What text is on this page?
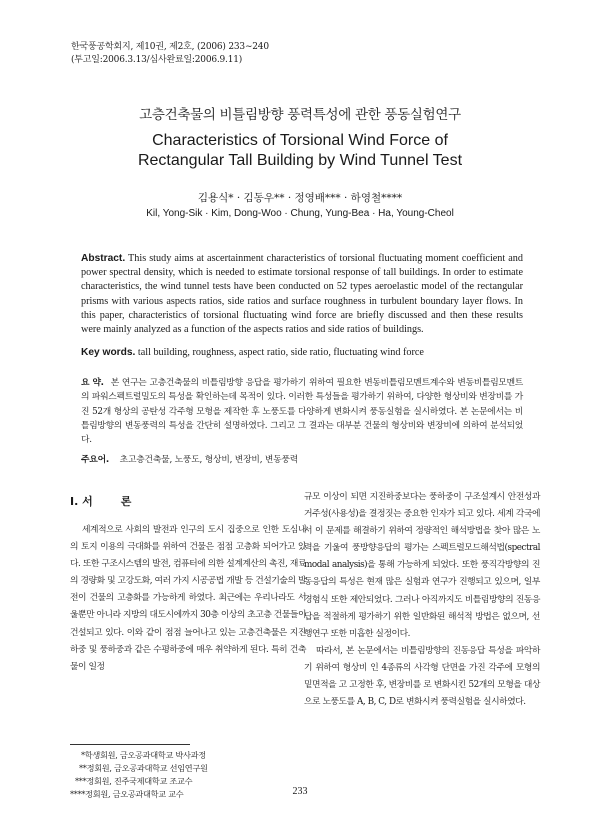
한국풍공학회지, 제10권, 제2호, (2006) 233∼240
(투고일:2006.3.13/심사완료일:2006.9.11)
고층건축물의 비틀림방향 풍력특성에 관한 풍동실험연구
Characteristics of Torsional Wind Force of
Rectangular Tall Building by Wind Tunnel Test
김용식* · 김동우** · 정영배*** · 하영철****
Kil, Yong-Sik · Kim, Dong-Woo · Chung, Yung-Bea · Ha, Young-Cheol
Abstract. This study aims at ascertainment characteristics of torsional fluctuating moment coefficient and power spectral density, which is needed to estimate torsional response of tall buildings. In order to estimate characteristics, the wind tunnel tests have been conducted on 52 types aeroelastic model of the rectangular prisms with various aspects ratios, side ratios and surface roughness in turbulent boundary layer flows. In this paper, characteristics of torsional fluctuating wind force are briefly discussed and then these results were mainly analyzed as a function of the aspects ratios and side ratios of buildings.
Key words. tall building, roughness, aspect ratio, side ratio, fluctuating wind force
요 약. 본 연구는 고층건축물의 비틀림방향 응답을 평가하기 위하여 필요한 변동비틀림모멘트계수와 변동비틀림모멘트의 파워스펙트럴밀도의 특성을 확인하는데 목적이 있다. 이러한 특성들을 평가하기 위하여, 다양한 형상비와 변장비를 가진 52개 형상의 공탄성 각주형 모형을 제작한 후 노풍도를 다양하게 변화시켜 풍동실험을 실시하였다. 본 논문에서는 비틀림방향의 변동풍력의 특성을 간단히 설명하였다. 그리고 그 결과는 대부분 건물의 형상비와 변장비에 의하여 분석되었다.
주요어. 초고층건축물, 노풍도, 형상비, 변장비, 변동풍력
I. 서	론

세계적으로 사회의 발전과 인구의 도시 집중으로 인한 도심내의 토지 이용의 극대화를 위하여 건물은 점점 고층화 되어가고 있다. 또한 구조시스템의 발전, 컴퓨터에 의한 설계계산의 촉진, 재료의 경량화 및 고강도화, 여러 가지 시공공법 개발 등 건설기술의 발전이 건물의 고층화를 가능하게 하였다. 최근에는 우리나라도 서울뿐만 아니라 지방의 대도시에까지 30층 이상의 초고층 건물들이 건설되고 있다. 이와 같이 점점 늘어나고 있는 고층건축물은 지진하중 및 풍하중과 같은 수평하중에 매우 취약하게 된다. 특히 건축물이 일정

규모 이상이 되면 지진하중보다는 풍하중이 구조설계시 안전성과 거주성(사용성)을 결정짓는 중요한 인자가 되고 있다. 세계 각국에서 이 문제를 해결하기 위하여 정량적인 해석방법을 찾아 많은 노력을 기울여 풍방향응답의 평가는 스펙트럴모드해석법(spectral modal analysis)을 통해 가능하게 되었다. 또한 풍직각방향의 진동응답의 특성은 현재 많은 실험과 연구가 진행되고 있으며, 일부 경험식 또한 제안되었다. 그러나 아직까지도 비틀림방향의 진동응답을 적절하게 평가하기 위한 일반화된 해석적 방법은 없으며, 선행연구 또한 미흡한 실정이다.

따라서, 본 논문에서는 비틀림방향의 진동응답 특성을 파악하기 위하여 형상비 인 4종류의 사각형 단면을 가진 각주에 모형의 밑면적을 고 고정한 후, 변장비를 로 변화시킨 52개의 모형을 대상으로 노풍도를 A, B, C, D로 변화시켜 풍력실험을 실시하였다.

*학생회원, 금오공과대학교 박사과정
**정회원, 금오공과대학교 선임연구원
***정회원, 진주국제대학교 조교수
****정회원, 금오공과대학교 교수	233
